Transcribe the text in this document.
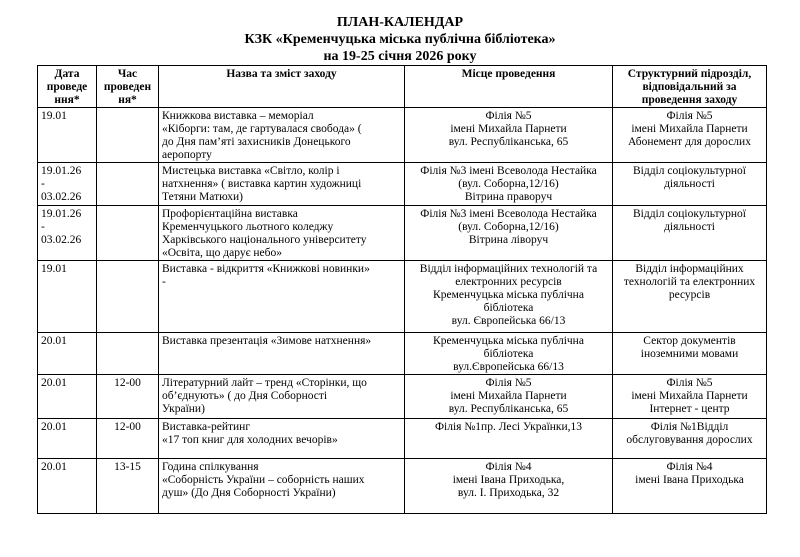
ПЛАН-КАЛЕНДАР
КЗК «Кременчуцька міська публічна бібліотека»
на 19-25 січня 2026 року
Дата
проведе
ння*	Час
проведен
ня*	Назва та зміст заходу	Місце проведення	Структурний підрозділ,
відповідальний за
проведення заходу

19.01		Книжкова виставка – меморіал
«Кіборги: там, де гартувалася свобода» (
до Дня пам’яті захисників Донецького
аеропорту	Філія №5
імені Михайла Парнети
вул. Республіканська, 65	Філія №5
імені Михайла Парнети
Абонемент для дорослих

19.01.26
-
03.02.26		Мистецька виставка «Світло, колір і
натхнення» ( виставка картин художниці
Тетяни Матюхи)	Філія №3 імені Всеволода Нестайка
(вул. Соборна,12/16)
Вітрина праворуч	Відділ соціокультурної
діяльності

19.01.26
-
03.02.26		Профорієнтаційна виставка
Кременчуцького льотного коледжу
Харківського національного університету
«Освіта, що дарує небо»	Філія №3 імені Всеволода Нестайка
(вул. Соборна,12/16)
Вітрина ліворуч	Відділ соціокультурної
діяльності

19.01		Виставка - відкриття «Книжкові новинки»
-	Відділ інформаційних технологій та
електронних ресурсів
Кременчуцька міська публічна
бібліотека
вул. Європейська 66/13	Відділ інформаційних
технологій та електронних
ресурсів

20.01		Виставка презентація «Зимове натхнення»	Кременчуцька міська публічна
бібліотека
вул.Європейська 66/13	Сектор документів
іноземними мовами

20.01	12-00	Літературний лайт – тренд «Сторінки, що
об’єднують» ( до Дня Соборності
України)	Філія №5
імені Михайла Парнети
вул. Республіканська, 65	Філія №5
імені Михайла Парнети
Інтернет - центр

20.01	12-00	Виставка-рейтинг
«17 топ книг для холодних вечорів»	Філія №1пр. Лесі Українки,13	Філія №1Відділ
обслуговування дорослих

20.01	13-15	Година спілкування
«Соборність України – соборність наших
душ» (До Дня Соборності України)	Філія №4
імені Івана Приходька,
вул. І. Приходька, 32	Філія №4
імені Івана Приходька
